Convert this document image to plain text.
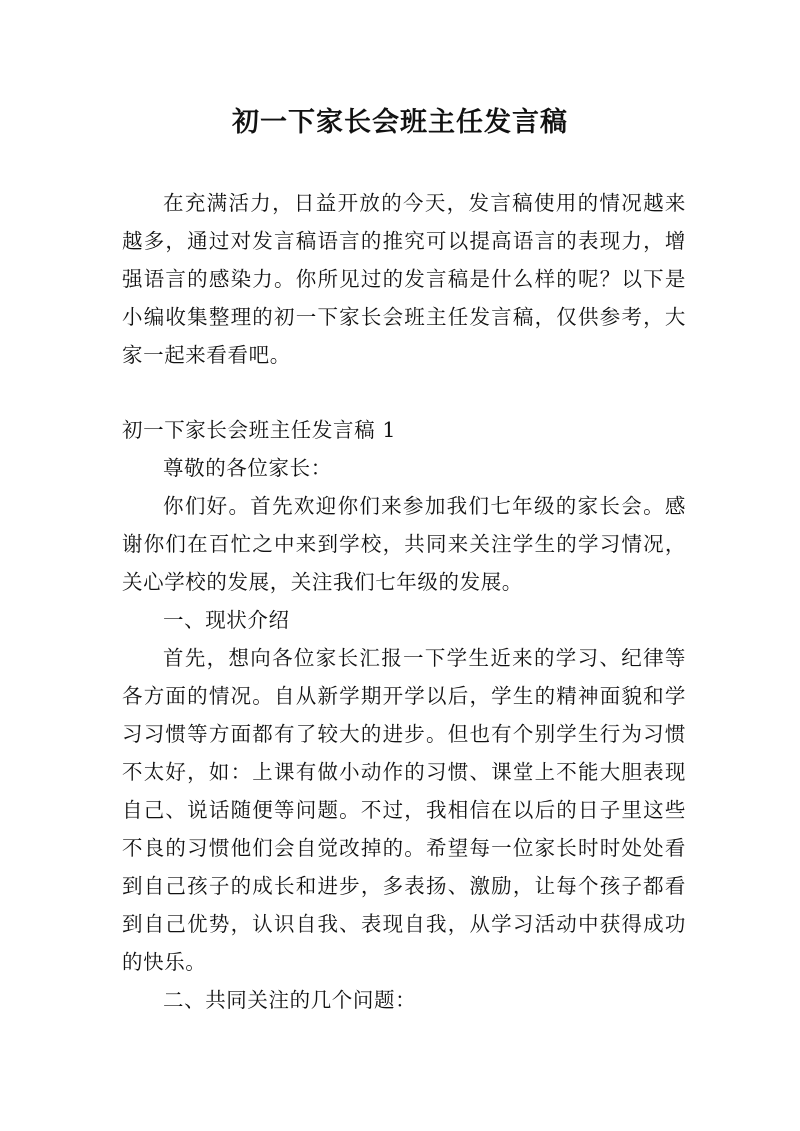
初一下家长会班主任发言稿

在充满活力，日益开放的今天，发言稿使用的情况越来越多，通过对发言稿语言的推究可以提高语言的表现力，增强语言的感染力。你所见过的发言稿是什么样的呢？以下是小编收集整理的初一下家长会班主任发言稿，仅供参考，大家一起来看看吧。

初一下家长会班主任发言稿 1

尊敬的各位家长：

你们好。首先欢迎你们来参加我们七年级的家长会。感谢你们在百忙之中来到学校，共同来关注学生的学习情况，关心学校的发展，关注我们七年级的发展。

一、现状介绍

首先，想向各位家长汇报一下学生近来的学习、纪律等各方面的情况。自从新学期开学以后，学生的精神面貌和学习习惯等方面都有了较大的进步。但也有个别学生行为习惯不太好，如：上课有做小动作的习惯、课堂上不能大胆表现自己、说话随便等问题。不过，我相信在以后的日子里这些不良的习惯他们会自觉改掉的。希望每一位家长时时处处看到自己孩子的成长和进步，多表扬、激励，让每个孩子都看到自己优势，认识自我、表现自我，从学习活动中获得成功的快乐。

二、共同关注的几个问题：
